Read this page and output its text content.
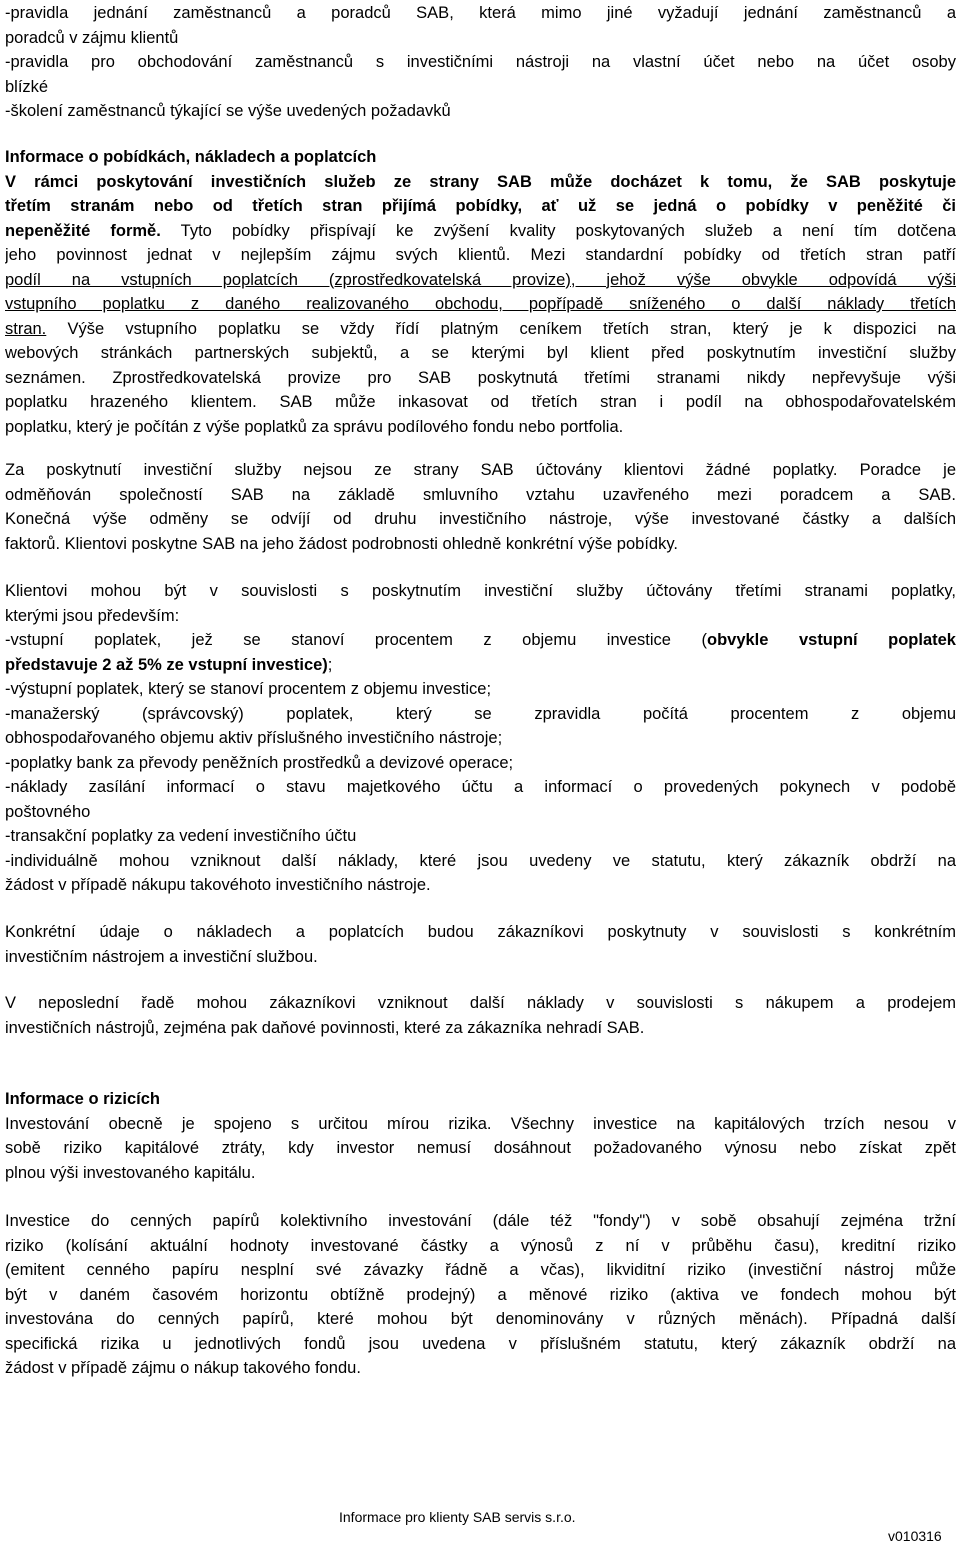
-pravidla jednání zaměstnanců a poradců SAB, která mimo jiné vyžadují jednání zaměstnanců a
poradců v zájmu klientů
-pravidla pro obchodování zaměstnanců s investičními nástroji na vlastní účet nebo na účet osoby
blízké
-školení zaměstnanců týkající se výše uvedených požadavků
Informace o pobídkách, nákladech a poplatcích
V rámci poskytování investičních služeb ze strany SAB může docházet k tomu, že SAB poskytuje
třetím stranám nebo od třetích stran přijímá pobídky, ať už se jedná o pobídky v peněžité či
nepeněžité formě. Tyto pobídky přispívají ke zvýšení kvality poskytovaných služeb a není tím dotčena
jeho povinnost jednat v nejlepším zájmu svých klientů. Mezi standardní pobídky od třetích stran patří
podíl na vstupních poplatcích (zprostředkovatelská provize), jehož výše obvykle odpovídá výši
vstupního poplatku z daného realizovaného obchodu, popřípadě sníženého o další náklady třetích
stran. Výše vstupního poplatku se vždy řídí platným ceníkem třetích stran, který je k dispozici na
webových stránkách partnerských subjektů, a se kterými byl klient před poskytnutím investiční služby
seznámen. Zprostředkovatelská provize pro SAB poskytnutá třetími stranami nikdy nepřevyšuje výši
poplatku hrazeného klientem. SAB může inkasovat od třetích stran i podíl na obhospodařovatelském
poplatku, který je počítán z výše poplatků za správu podílového fondu nebo portfolia.
Za poskytnutí investiční služby nejsou ze strany SAB účtovány klientovi žádné poplatky. Poradce je
odměňován společností SAB na základě smluvního vztahu uzavřeného mezi poradcem a SAB.
Konečná výše odměny se odvíjí od druhu investičního nástroje, výše investované částky a dalších
faktorů. Klientovi poskytne SAB na jeho žádost podrobnosti ohledně konkrétní výše pobídky.
Klientovi mohou být v souvislosti s poskytnutím investiční služby účtovány třetími stranami poplatky,
kterými jsou především:
-vstupní poplatek, jež se stanoví procentem z objemu investice (obvykle vstupní poplatek
představuje 2 až 5% ze vstupní investice);
-výstupní poplatek, který se stanoví procentem z objemu investice;
-manažerský (správcovský) poplatek, který se zpravidla počítá procentem z objemu
obhospodařovaného objemu aktiv příslušného investičního nástroje;
-poplatky bank za převody peněžních prostředků a devizové operace;
-náklady zasílání informací o stavu majetkového účtu a informací o provedených pokynech v podobě
poštovného
-transakční poplatky za vedení investičního účtu
-individuálně mohou vzniknout další náklady, které jsou uvedeny ve statutu, který zákazník obdrží na
žádost v případě nákupu takovéhoto investičního nástroje.
Konkrétní údaje o nákladech a poplatcích budou zákazníkovi poskytnuty v souvislosti s konkrétním
investičním nástrojem a investiční službou.
V neposlední řadě mohou zákazníkovi vzniknout další náklady v souvislosti s nákupem a prodejem
investičních nástrojů, zejména pak daňové povinnosti, které za zákazníka nehradí SAB.
Informace o rizicích
Investování obecně je spojeno s určitou mírou rizika. Všechny investice na kapitálových trzích nesou v
sobě riziko kapitálové ztráty, kdy investor nemusí dosáhnout požadovaného výnosu nebo získat zpět
plnou výši investovaného kapitálu.
Investice do cenných papírů kolektivního investování (dále též "fondy") v sobě obsahují zejména tržní
riziko (kolísání aktuální hodnoty investované částky a výnosů z ní v průběhu času), kreditní riziko
(emitent cenného papíru nesplní své závazky řádně a včas), likviditní riziko (investiční nástroj může
být v daném časovém horizontu obtížně prodejný) a měnové riziko (aktiva ve fondech mohou být
investována do cenných papírů, které mohou být denominovány v různých měnách). Případná další
specifická rizika u jednotlivých fondů jsou uvedena v příslušném statutu, který zákazník obdrží na
žádost v případě zájmu o nákup takového fondu.
Informace pro klienty SAB servis s.r.o.
v010316
